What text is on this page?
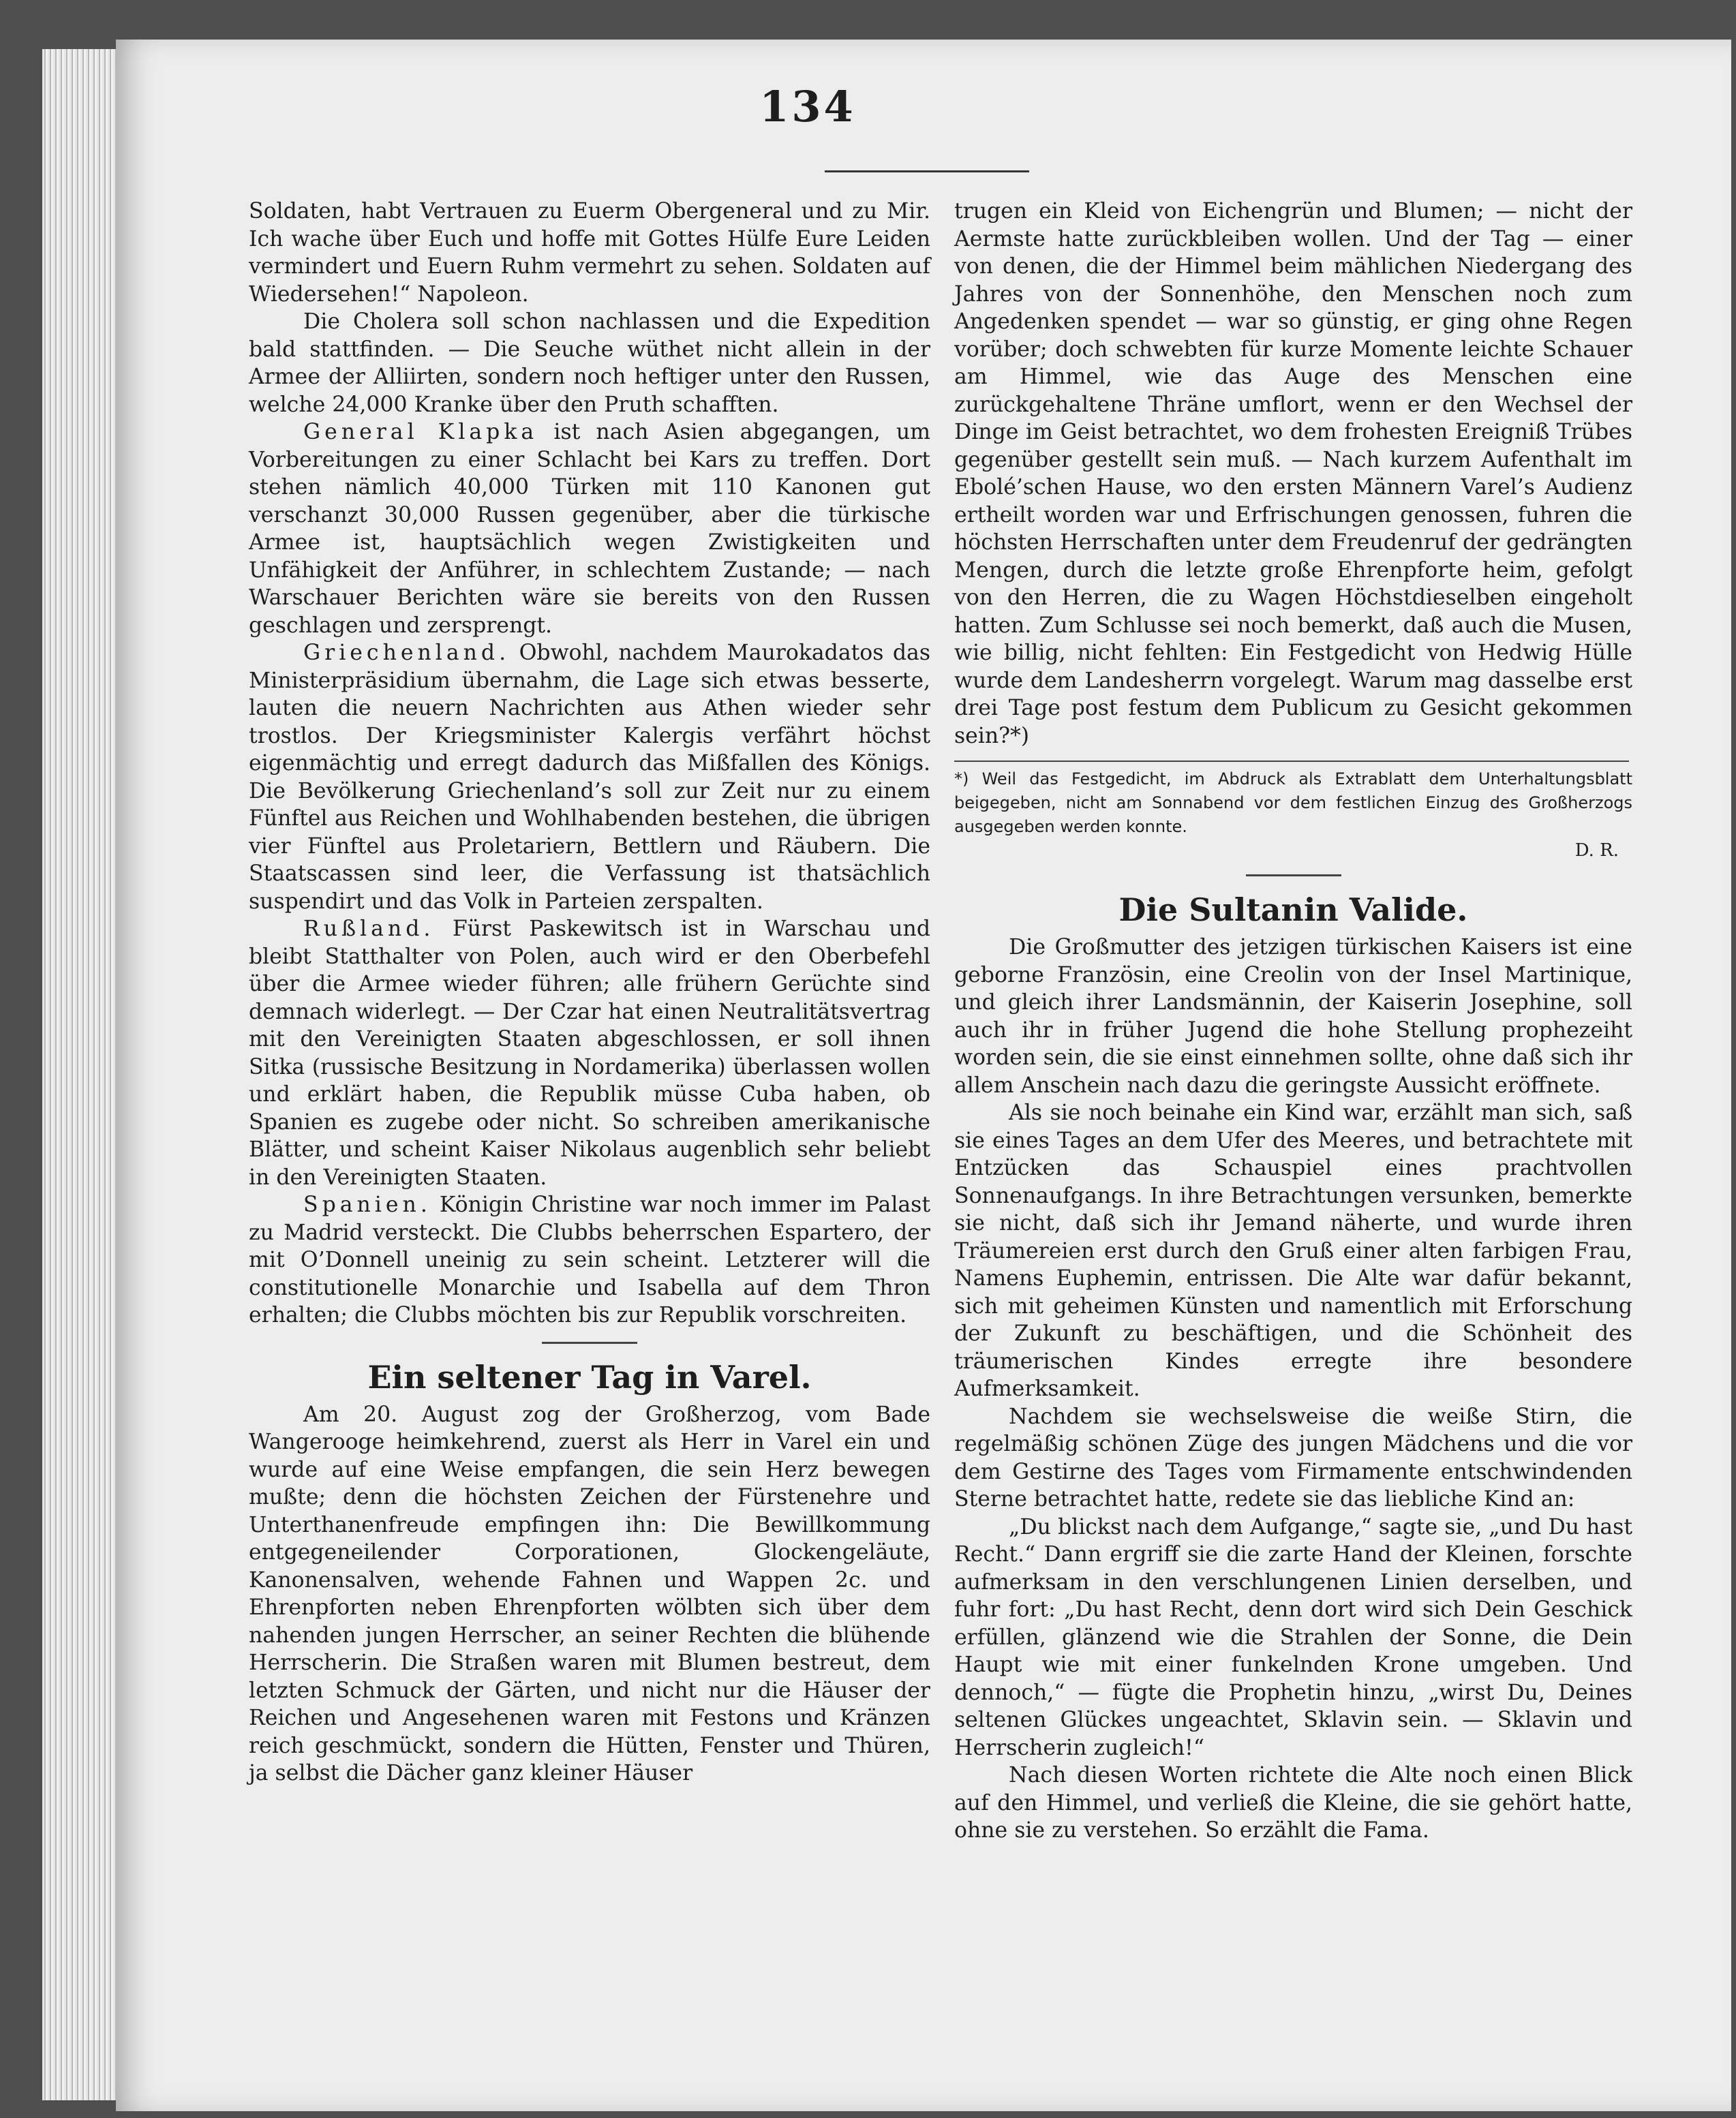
134

Soldaten, habt Vertrauen zu Euerm Obergeneral und zu Mir. Ich wache über Euch und hoffe mit Gottes Hülfe Eure Leiden vermindert und Euern Ruhm vermehrt zu sehen. Soldaten auf Wiedersehen!“ Napoleon.

Die Cholera soll schon nachlassen und die Expedition bald stattfinden. — Die Seuche wüthet nicht allein in der Armee der Alliirten, sondern noch heftiger unter den Russen, welche 24,000 Kranke über den Pruth schafften.

General Klapka ist nach Asien abgegangen, um Vorbereitungen zu einer Schlacht bei Kars zu treffen. Dort stehen nämlich 40,000 Türken mit 110 Kanonen gut verschanzt 30,000 Russen gegenüber, aber die türkische Armee ist, hauptsächlich wegen Zwistigkeiten und Unfähigkeit der Anführer, in schlechtem Zustande; — nach Warschauer Berichten wäre sie bereits von den Russen geschlagen und zersprengt.

Griechenland. Obwohl, nachdem Maurokadatos das Ministerpräsidium übernahm, die Lage sich etwas besserte, lauten die neuern Nachrichten aus Athen wieder sehr trostlos. Der Kriegsminister Kalergis verfährt höchst eigenmächtig und erregt dadurch das Mißfallen des Königs. Die Bevölkerung Griechenland’s soll zur Zeit nur zu einem Fünftel aus Reichen und Wohlhabenden bestehen, die übrigen vier Fünftel aus Proletariern, Bettlern und Räubern. Die Staatscassen sind leer, die Verfassung ist thatsächlich suspendirt und das Volk in Parteien zerspalten.

Rußland. Fürst Paskewitsch ist in Warschau und bleibt Statthalter von Polen, auch wird er den Oberbefehl über die Armee wieder führen; alle frühern Gerüchte sind demnach widerlegt. — Der Czar hat einen Neutralitätsvertrag mit den Vereinigten Staaten abgeschlossen, er soll ihnen Sitka (russische Besitzung in Nordamerika) überlassen wollen und erklärt haben, die Republik müsse Cuba haben, ob Spanien es zugebe oder nicht. So schreiben amerikanische Blätter, und scheint Kaiser Nikolaus augenblich sehr beliebt in den Vereinigten Staaten.

Spanien. Königin Christine war noch immer im Palast zu Madrid versteckt. Die Clubbs beherrschen Espartero, der mit O’Donnell uneinig zu sein scheint. Letzterer will die constitutionelle Monarchie und Isabella auf dem Thron erhalten; die Clubbs möchten bis zur Republik vorschreiten.

Ein seltener Tag in Varel.

Am 20. August zog der Großherzog, vom Bade Wangerooge heimkehrend, zuerst als Herr in Varel ein und wurde auf eine Weise empfangen, die sein Herz bewegen mußte; denn die höchsten Zeichen der Fürstenehre und Unterthanenfreude empfingen ihn: Die Bewillkommung entgegeneilender Corporationen, Glockengeläute, Kanonensalven, wehende Fahnen und Wappen 2c. und Ehrenpforten neben Ehrenpforten wölbten sich über dem nahenden jungen Herrscher, an seiner Rechten die blühende Herrscherin. Die Straßen waren mit Blumen bestreut, dem letzten Schmuck der Gärten, und nicht nur die Häuser der Reichen und Angesehenen waren mit Festons und Kränzen reich geschmückt, sondern die Hütten, Fenster und Thüren, ja selbst die Dächer ganz kleiner Häuser

trugen ein Kleid von Eichengrün und Blumen; — nicht der Aermste hatte zurückbleiben wollen. Und der Tag — einer von denen, die der Himmel beim mählichen Niedergang des Jahres von der Sonnenhöhe, den Menschen noch zum Angedenken spendet — war so günstig, er ging ohne Regen vorüber; doch schwebten für kurze Momente leichte Schauer am Himmel, wie das Auge des Menschen eine zurückgehaltene Thräne umflort, wenn er den Wechsel der Dinge im Geist betrachtet, wo dem frohesten Ereigniß Trübes gegenüber gestellt sein muß. — Nach kurzem Aufenthalt im Ebolé’schen Hause, wo den ersten Männern Varel’s Audienz ertheilt worden war und Erfrischungen genossen, fuhren die höchsten Herrschaften unter dem Freudenruf der gedrängten Mengen, durch die letzte große Ehrenpforte heim, gefolgt von den Herren, die zu Wagen Höchstdieselben eingeholt hatten. Zum Schlusse sei noch bemerkt, daß auch die Musen, wie billig, nicht fehlten: Ein Festgedicht von Hedwig Hülle wurde dem Landesherrn vorgelegt. Warum mag dasselbe erst drei Tage post festum dem Publicum zu Gesicht gekommen sein?*)

*) Weil das Festgedicht, im Abdruck als Extrablatt dem Unterhaltungsblatt beigegeben, nicht am Sonnabend vor dem festlichen Einzug des Großherzogs ausgegeben werden konnte.

D. R.

Die Sultanin Valide.

Die Großmutter des jetzigen türkischen Kaisers ist eine geborne Französin, eine Creolin von der Insel Martinique, und gleich ihrer Landsmännin, der Kaiserin Josephine, soll auch ihr in früher Jugend die hohe Stellung prophezeiht worden sein, die sie einst einnehmen sollte, ohne daß sich ihr allem Anschein nach dazu die geringste Aussicht eröffnete.

Als sie noch beinahe ein Kind war, erzählt man sich, saß sie eines Tages an dem Ufer des Meeres, und betrachtete mit Entzücken das Schauspiel eines prachtvollen Sonnenaufgangs. In ihre Betrachtungen versunken, bemerkte sie nicht, daß sich ihr Jemand näherte, und wurde ihren Träumereien erst durch den Gruß einer alten farbigen Frau, Namens Euphemin, entrissen. Die Alte war dafür bekannt, sich mit geheimen Künsten und namentlich mit Erforschung der Zukunft zu beschäftigen, und die Schönheit des träumerischen Kindes erregte ihre besondere Aufmerksamkeit.

Nachdem sie wechselsweise die weiße Stirn, die regelmäßig schönen Züge des jungen Mädchens und die vor dem Gestirne des Tages vom Firmamente entschwindenden Sterne betrachtet hatte, redete sie das liebliche Kind an:

„Du blickst nach dem Aufgange,“ sagte sie, „und Du hast Recht.“ Dann ergriff sie die zarte Hand der Kleinen, forschte aufmerksam in den verschlungenen Linien derselben, und fuhr fort: „Du hast Recht, denn dort wird sich Dein Geschick erfüllen, glänzend wie die Strahlen der Sonne, die Dein Haupt wie mit einer funkelnden Krone umgeben. Und dennoch,“ — fügte die Prophetin hinzu, „wirst Du, Deines seltenen Glückes ungeachtet, Sklavin sein. — Sklavin und Herrscherin zugleich!“

Nach diesen Worten richtete die Alte noch einen Blick auf den Himmel, und verließ die Kleine, die sie gehört hatte, ohne sie zu verstehen. So erzählt die Fama.
